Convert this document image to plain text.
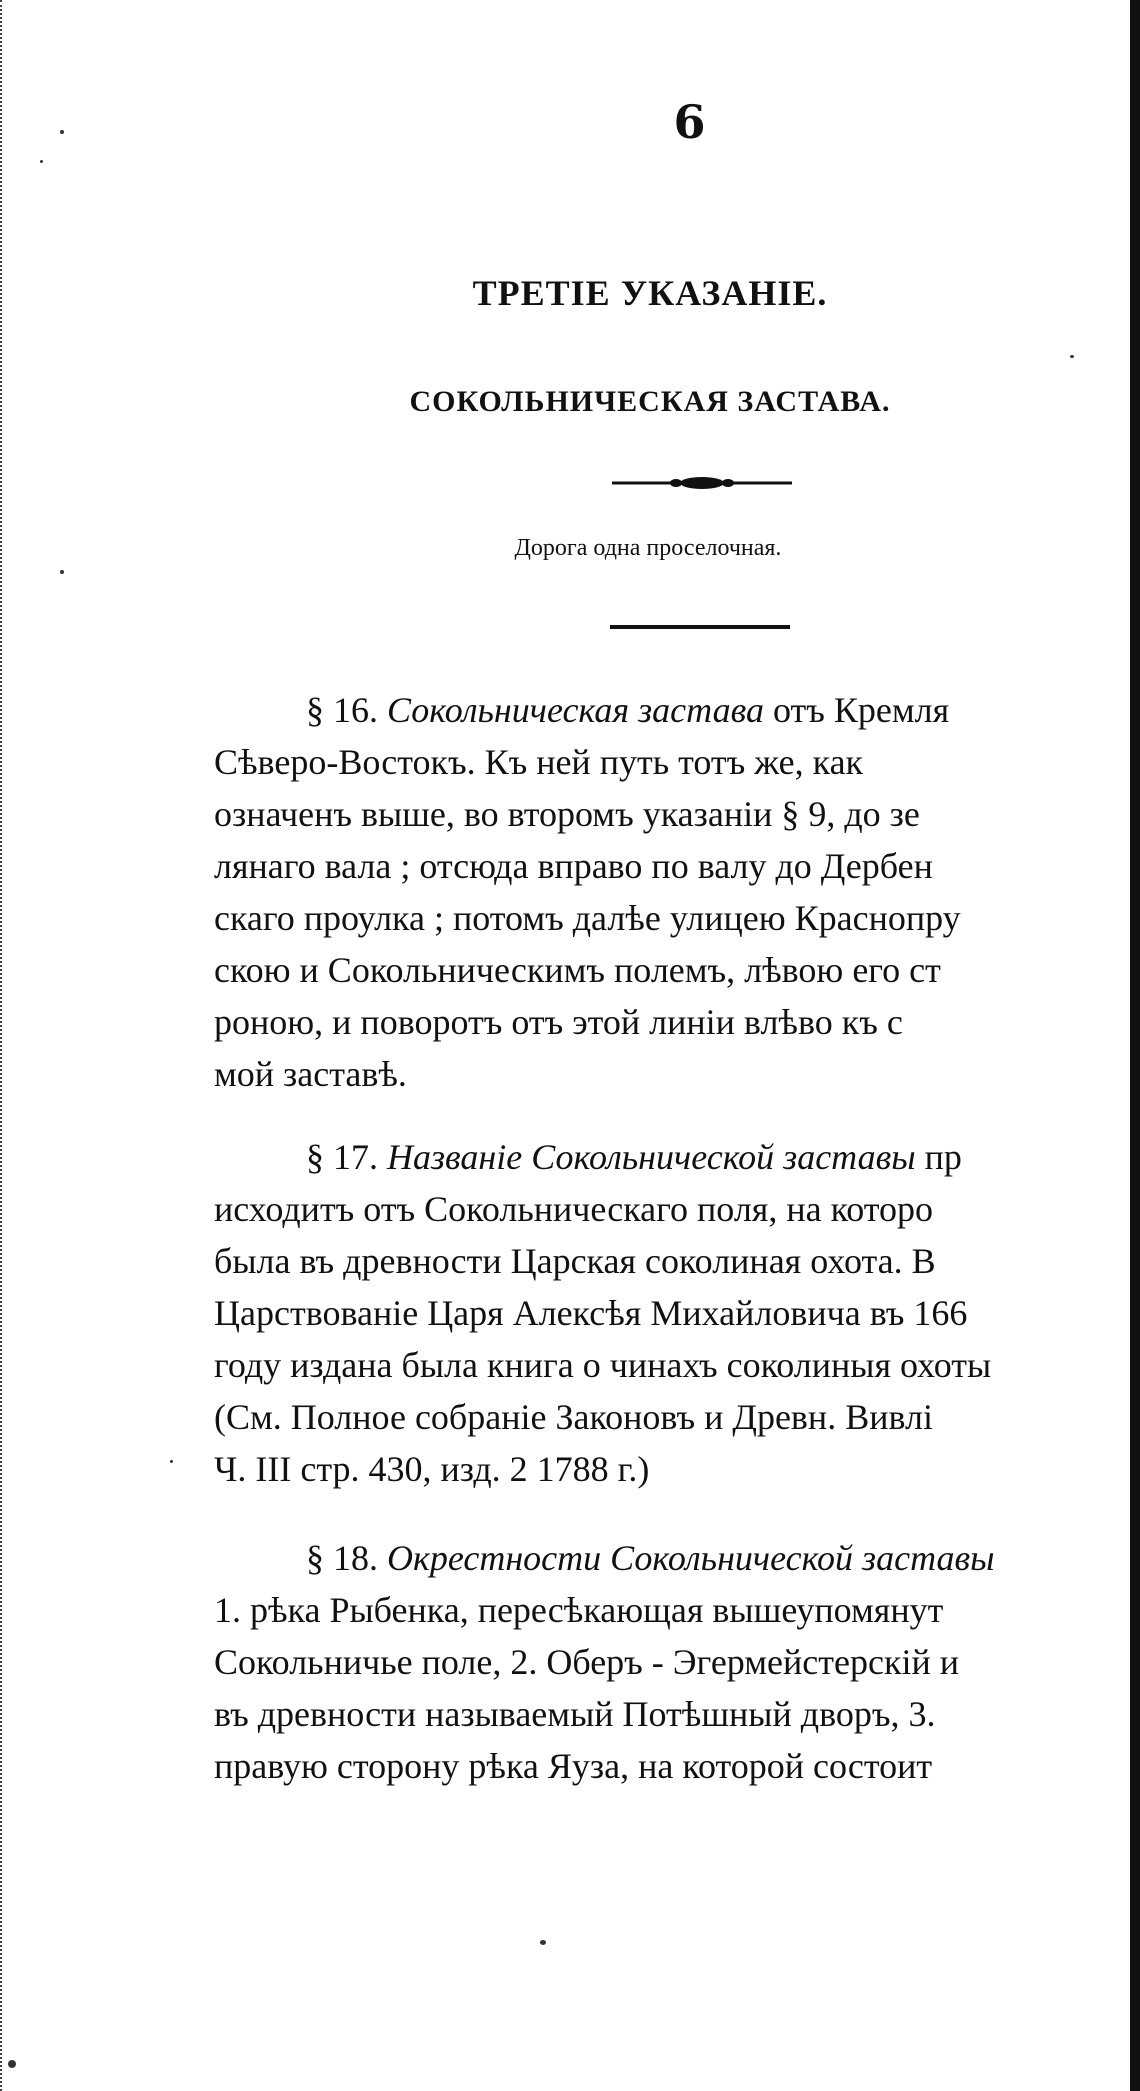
6
ТРЕТІЕ УКАЗАНІЕ.
СОКОЛЬНИЧЕСКАЯ ЗАСТАВА.
Дорога одна проселочная.
§ 16. Сокольническая застава отъ Кремля
Сѣверо-Востокъ. Къ ней путь тотъ же, как
означенъ выше, во второмъ указаніи § 9, до зе
лянаго вала ; отсюда вправо по валу до Дербен
скаго проулка ; потомъ далѣе улицею Краснопру
скою и Сокольническимъ полемъ, лѣвою его ст
роною, и поворотъ отъ этой линіи влѣво къ с
мой заставѣ.
§ 17. Названіе Сокольнической заставы пр
исходитъ отъ Сокольническаго поля, на которо
была въ древности Царская соколиная охота. В
Царствованіе Царя Алексѣя Михайловича въ 166
году издана была книга о чинахъ соколиныя охоты
(См. Полное собраніе Законовъ и Древн. Вивлі
Ч. III стр. 430, изд. 2 1788 г.)
§ 18. Окрестности Сокольнической заставы
1. рѣка Рыбенка, пересѣкающая вышеупомянут
Сокольничье поле, 2. Оберъ - Эгермейстерскій и
въ древности называемый Потѣшный дворъ, 3.
правую сторону рѣка Яуза, на которой состоит
